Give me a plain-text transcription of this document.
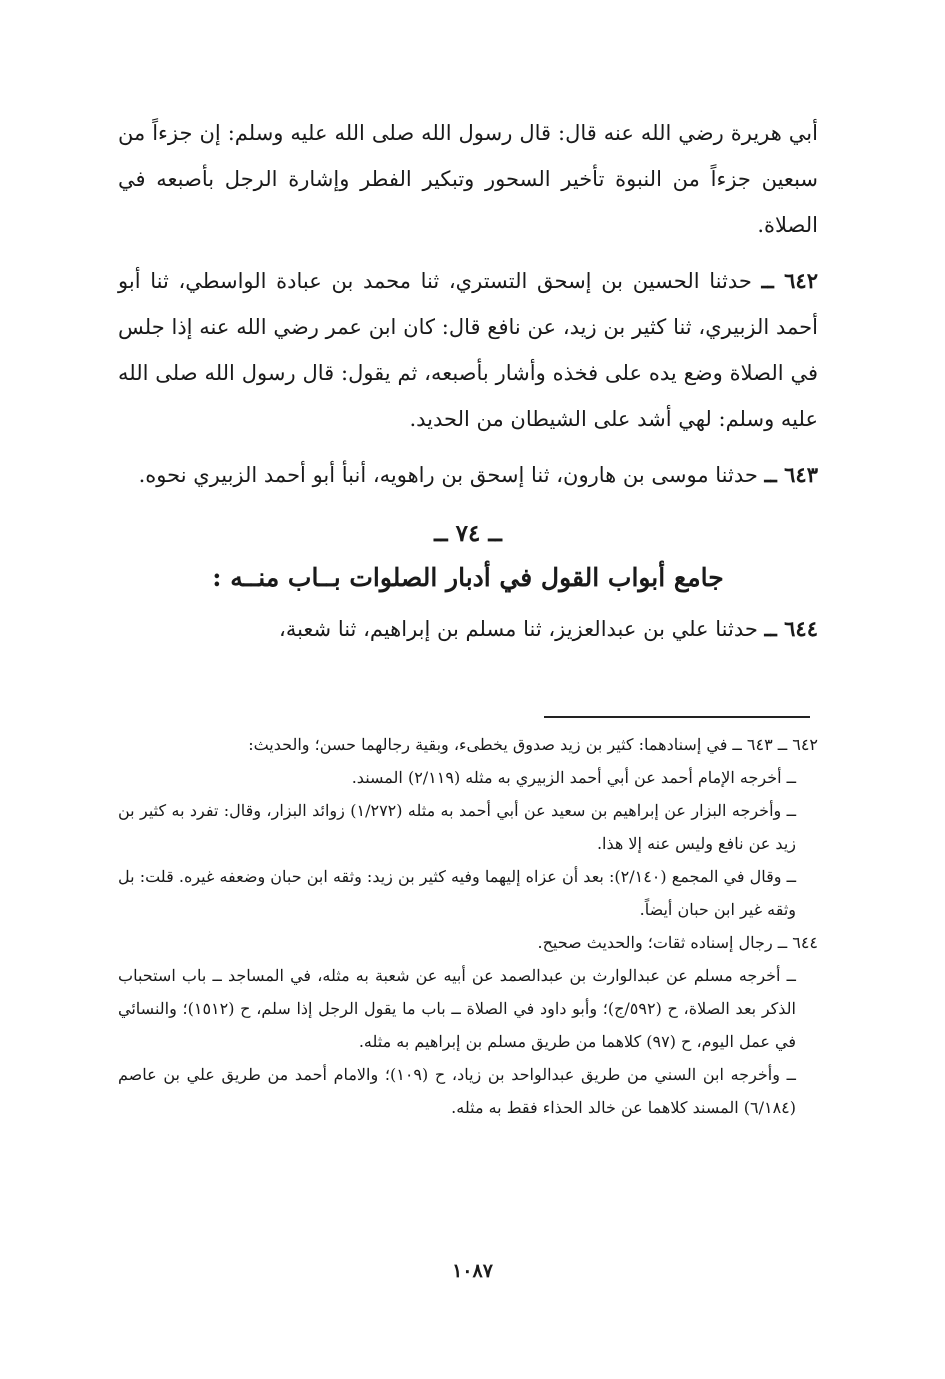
أبي هريرة رضي الله عنه قال: قال رسول الله صلى الله عليه وسلم: إن جزءاً من سبعين جزءاً من النبوة تأخير السحور وتبكير الفطر وإشارة الرجل بأصبعه في الصلاة.

٦٤٢ ــ حدثنا الحسين بن إسحق التستري، ثنا محمد بن عبادة الواسطي، ثنا أبو أحمد الزبيري، ثنا كثير بن زيد، عن نافع قال: كان ابن عمر رضي الله عنه إذا جلس في الصلاة وضع يده على فخذه وأشار بأصبعه، ثم يقول: قال رسول الله صلى الله عليه وسلم: لهي أشد على الشيطان من الحديد.

٦٤٣ ــ حدثنا موسى بن هارون، ثنا إسحق بن راهويه، أنبأ أبو أحمد الزبيري نحوه.

ــ ٧٤ ــ
جامع أبواب القول في أدبار الصلوات بــاب منــه :

٦٤٤ ــ حدثنا علي بن عبدالعزيز، ثنا مسلم بن إبراهيم، ثنا شعبة،

٦٤٢ ــ ٦٤٣ ــ في إسنادهما: كثير بن زيد صدوق يخطىء، وبقية رجالهما حسن؛ والحديث:
ــ أخرجه الإمام أحمد عن أبي أحمد الزبيري به مثله (٢/١١٩) المسند.
ــ وأخرجه البزار عن إبراهيم بن سعيد عن أبي أحمد به مثله (١/٢٧٢) زوائد البزار، وقال: تفرد به كثير بن زيد عن نافع وليس عنه إلا هذا.
ــ وقال في المجمع (٢/١٤٠): بعد أن عزاه إليهما وفيه كثير بن زيد: وثقه ابن حبان وضعفه غيره. قلت: بل وثقه غير ابن حبان أيضاً.
٦٤٤ ــ رجال إسناده ثقات؛ والحديث صحيح.
ــ أخرجه مسلم عن عبدالوارث بن عبدالصمد عن أبيه عن شعبة به مثله، في المساجد ــ باب استحباب الذكر بعد الصلاة، ح (٥٩٢/ج)؛ وأبو داود في الصلاة ــ باب ما يقول الرجل إذا سلم، ح (١٥١٢)؛ والنسائي في عمل اليوم، ح (٩٧) كلاهما من طريق مسلم بن إبراهيم به مثله.
ــ وأخرجه ابن السني من طريق عبدالواحد بن زياد، ح (١٠٩)؛ والامام أحمد من طريق علي بن عاصم (٦/١٨٤) المسند كلاهما عن خالد الحذاء فقط به مثله.
١٠٨٧
